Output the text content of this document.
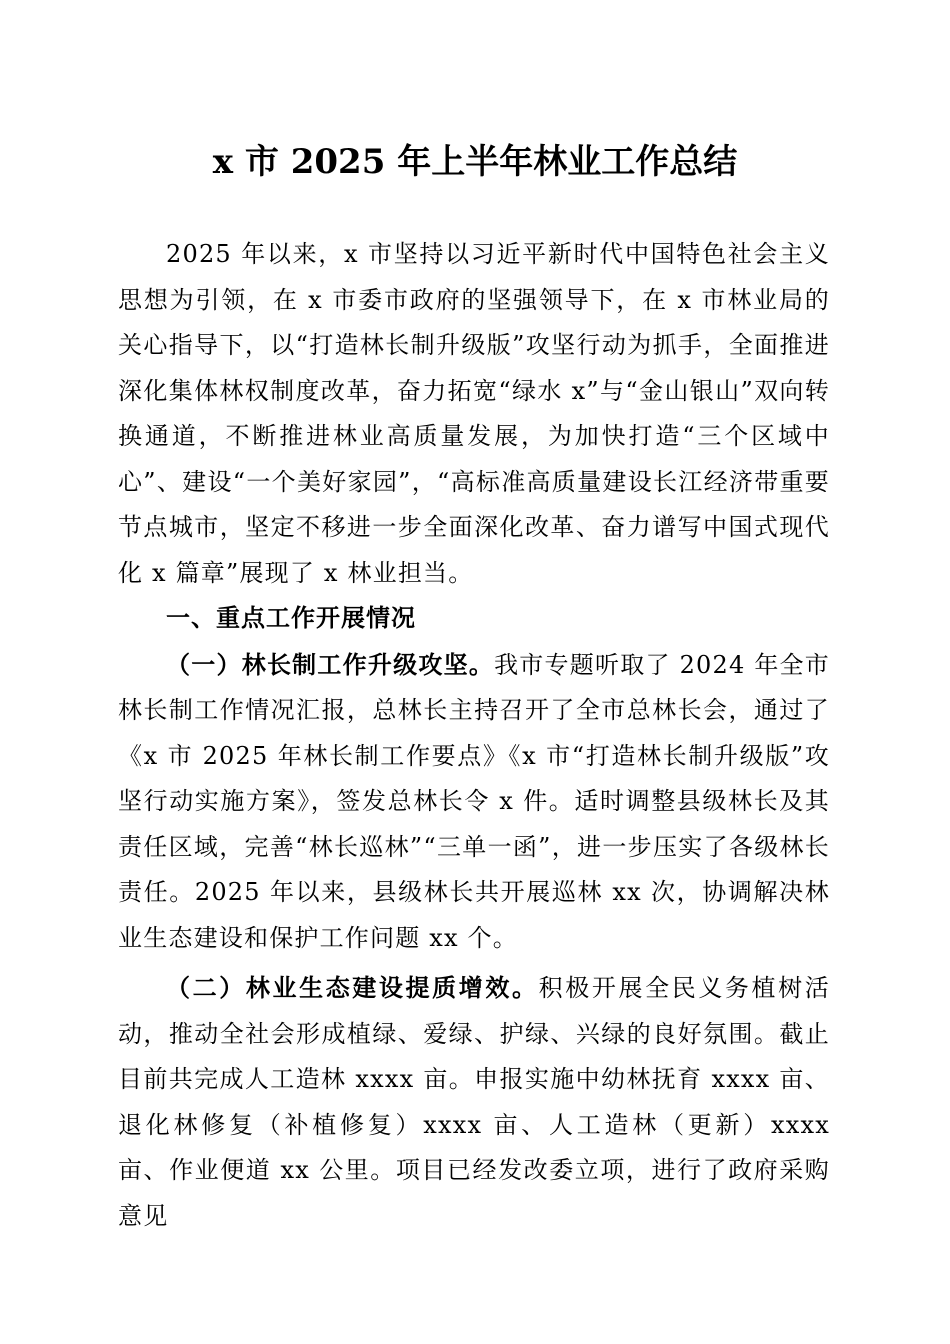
x 市 2025 年上半年林业工作总结

2025 年以来，x 市坚持以习近平新时代中国特色社会主义思想为引领，在 x 市委市政府的坚强领导下，在 x 市林业局的关心指导下，以“打造林长制升级版”攻坚行动为抓手，全面推进深化集体林权制度改革，奋力拓宽“绿水 x”与“金山银山”双向转换通道，不断推进林业高质量发展，为加快打造“三个区域中心”、建设“一个美好家园”，“高标准高质量建设长江经济带重要节点城市，坚定不移进一步全面深化改革、奋力谱写中国式现代化 x 篇章”展现了 x 林业担当。

一、重点工作开展情况

（一）林长制工作升级攻坚。我市专题听取了 2024 年全市林长制工作情况汇报，总林长主持召开了全市总林长会，通过了《x 市 2025 年林长制工作要点》《x 市“打造林长制升级版”攻坚行动实施方案》，签发总林长令 x 件。适时调整县级林长及其责任区域，完善“林长巡林”“三单一函”，进一步压实了各级林长责任。2025 年以来，县级林长共开展巡林 xx 次，协调解决林业生态建设和保护工作问题 xx 个。

（二）林业生态建设提质增效。积极开展全民义务植树活动，推动全社会形成植绿、爱绿、护绿、兴绿的良好氛围。截止目前共完成人工造林 xxxx 亩。申报实施中幼林抚育 xxxx 亩、退化林修复（补植修复）xxxx 亩、人工造林（更新）xxxx 亩、作业便道 xx 公里。项目已经发改委立项，进行了政府采购意见
